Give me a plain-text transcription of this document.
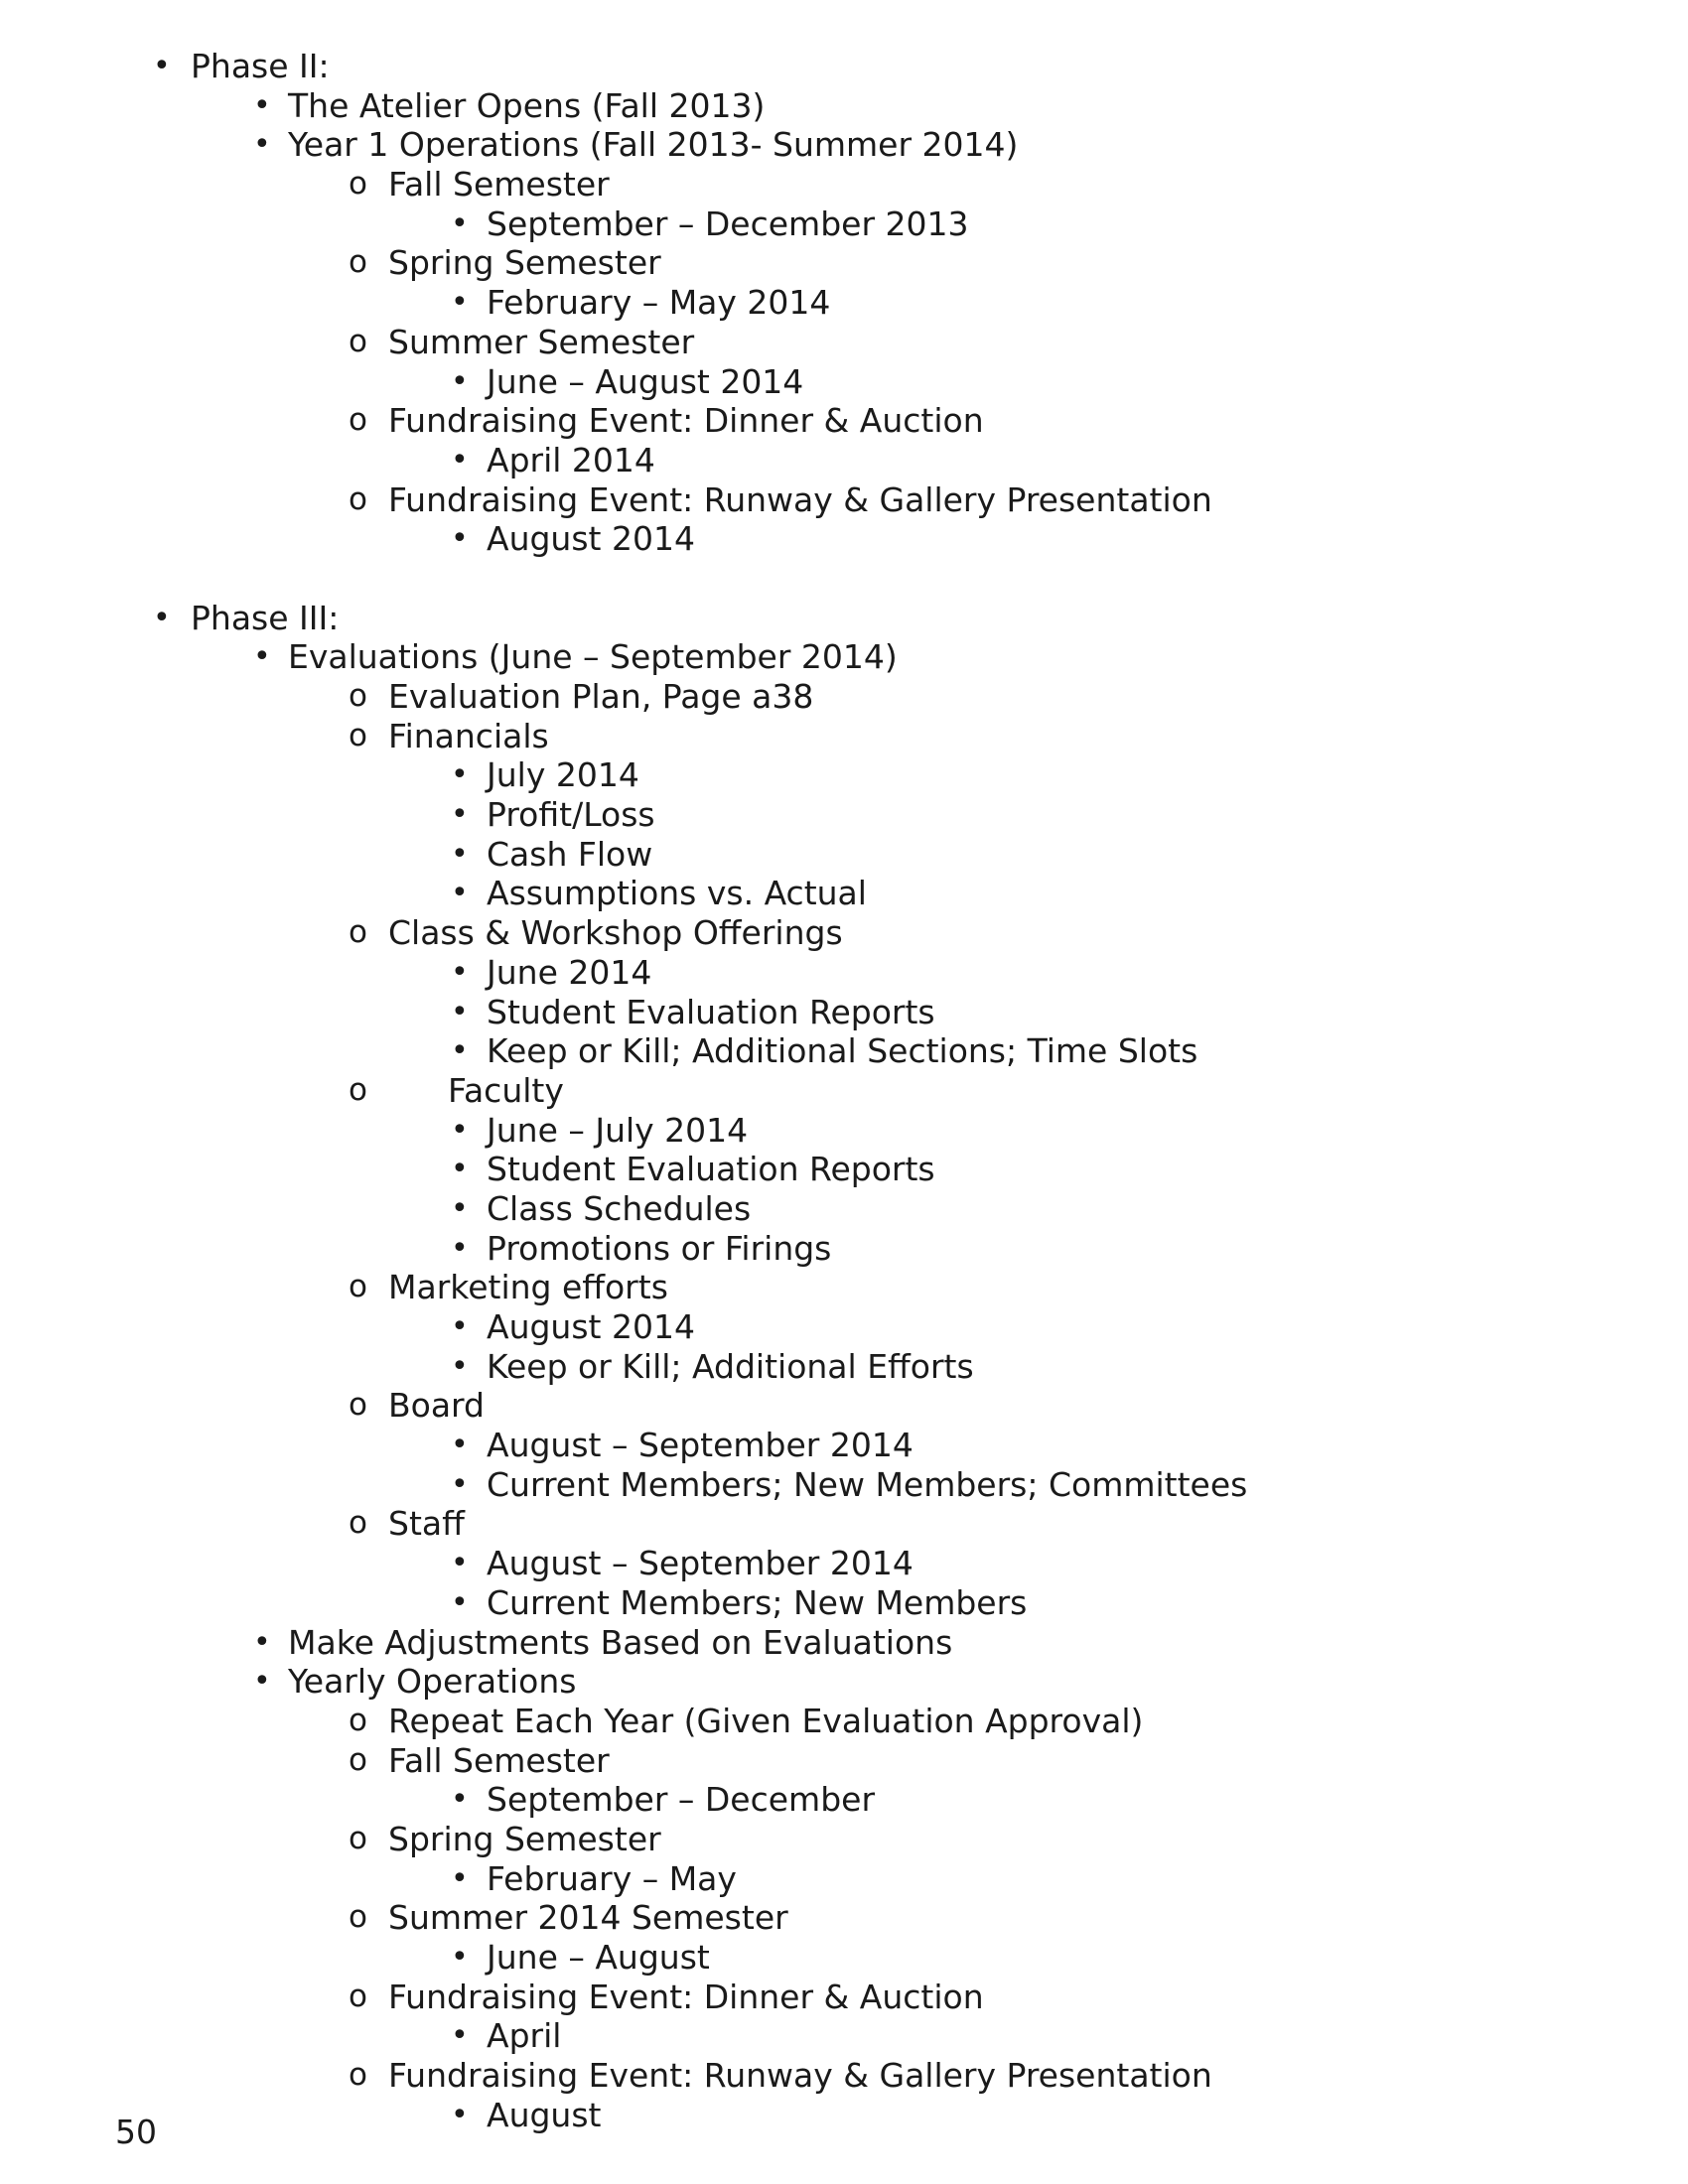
• Phase II:
• The Atelier Opens (Fall 2013)
• Year 1 Operations (Fall 2013- Summer 2014)
o Fall Semester
• September – December 2013
o Spring Semester
• February – May 2014
o Summer Semester
• June – August 2014
o Fundraising Event: Dinner & Auction
• April 2014
o Fundraising Event: Runway & Gallery Presentation
• August 2014
• Phase III:
• Evaluations (June – September 2014)
o Evaluation Plan, Page a38
o Financials
• July 2014
• Profit/Loss
• Cash Flow
• Assumptions vs. Actual
o Class & Workshop Offerings
• June 2014
• Student Evaluation Reports
• Keep or Kill; Additional Sections; Time Slots
o Faculty
• June – July 2014
• Student Evaluation Reports
• Class Schedules
• Promotions or Firings
o Marketing efforts
• August 2014
• Keep or Kill; Additional Efforts
o Board
• August – September 2014
• Current Members; New Members; Committees
o Staff
• August – September 2014
• Current Members; New Members
• Make Adjustments Based on Evaluations
• Yearly Operations
o Repeat Each Year (Given Evaluation Approval)
o Fall Semester
• September – December
o Spring Semester
• February – May
o Summer 2014 Semester
• June – August
o Fundraising Event: Dinner & Auction
• April
o Fundraising Event: Runway & Gallery Presentation
• August
50
